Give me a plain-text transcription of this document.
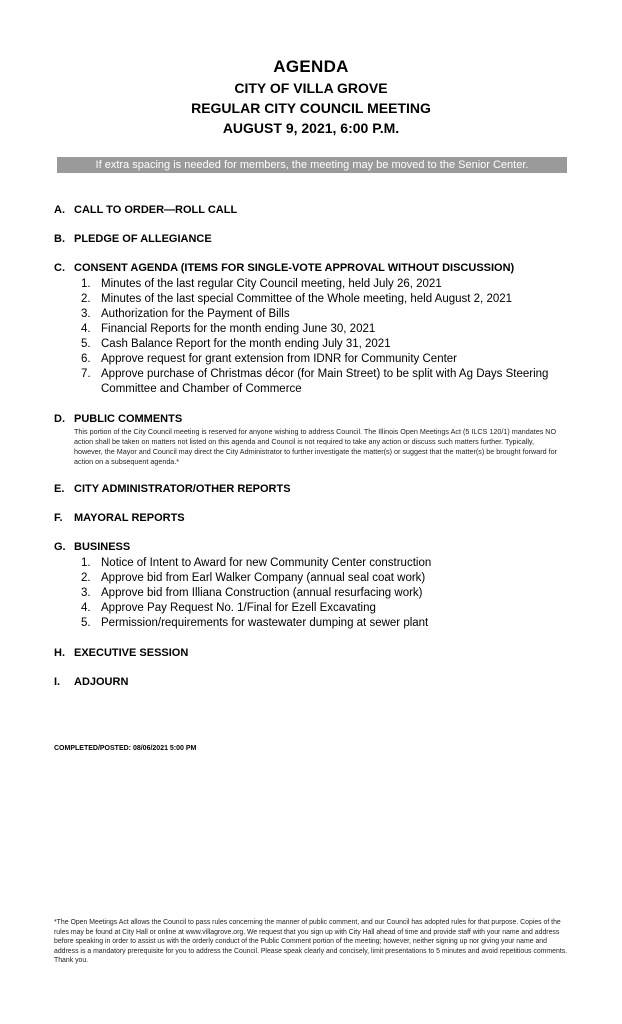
AGENDA

CITY OF VILLA GROVE

REGULAR CITY COUNCIL MEETING

AUGUST 9, 2021, 6:00 P.M.

If extra spacing is needed for members, the meeting may be moved to the Senior Center.
A. CALL TO ORDER—ROLL CALL
B. PLEDGE OF ALLEGIANCE
C. CONSENT AGENDA (ITEMS FOR SINGLE-VOTE APPROVAL WITHOUT DISCUSSION)
1. Minutes of the last regular City Council meeting, held July 26, 2021
2. Minutes of the last special Committee of the Whole meeting, held August 2, 2021
3. Authorization for the Payment of Bills
4. Financial Reports for the month ending June 30, 2021
5. Cash Balance Report for the month ending July 31, 2021
6. Approve request for grant extension from IDNR for Community Center
7. Approve purchase of Christmas décor (for Main Street) to be split with Ag Days Steering Committee and Chamber of Commerce
D. PUBLIC COMMENTS

This portion of the City Council meeting is reserved for anyone wishing to address Council. The Illinois Open Meetings Act (5 ILCS 120/1) mandates NO action shall be taken on matters not listed on this agenda and Council is not required to take any action or discuss such matters further. Typically, however, the Mayor and Council may direct the City Administrator to further investigate the matter(s) or suggest that the matter(s) be brought forward for action on a subsequent agenda.*

E. CITY ADMINISTRATOR/OTHER REPORTS
F.	MAYORAL REPORTS
G. BUSINESS
1. Notice of Intent to Award for new Community Center construction
2. Approve bid from Earl Walker Company (annual seal coat work)
3. Approve bid from Illiana Construction (annual resurfacing work)
4. Approve Pay Request No. 1/Final for Ezell Excavating
5. Permission/requirements for wastewater dumping at sewer plant
H. EXECUTIVE SESSION
I.	ADJOURN
COMPLETED/POSTED: 08/06/2021 5:00 PM
*The Open Meetings Act allows the Council to pass rules concerning the manner of public comment, and our Council has adopted rules for that purpose. Copies of the rules may be found at City Hall or online at www.villagrove.org. We request that you sign up with City Hall ahead of time and provide staff with your name and address before speaking in order to assist us with the orderly conduct of the Public Comment portion of the meeting; however, neither signing up nor giving your name and address is a mandatory prerequisite for you to address the Council. Please speak clearly and concisely, limit presentations to 5 minutes and avoid repetitious comments. Thank you.
